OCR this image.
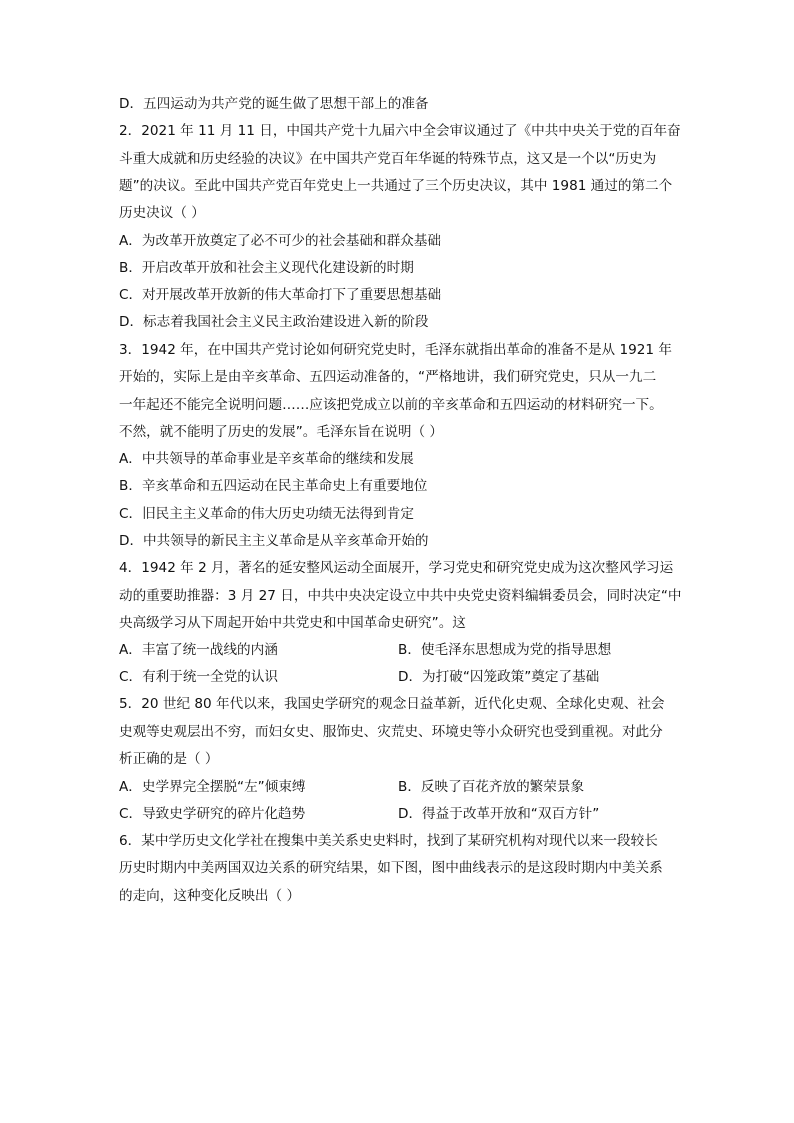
D．五四运动为共产党的诞生做了思想干部上的准备
2．2021 年 11 月 11 日，中国共产党十九届六中全会审议通过了《中共中央关于党的百年奋
斗重大成就和历史经验的决议》在中国共产党百年华诞的特殊节点，这又是一个以“历史为
题”的决议。至此中国共产党百年党史上一共通过了三个历史决议，其中 1981 通过的第二个
历史决议（ ）
A．为改革开放奠定了必不可少的社会基础和群众基础
B．开启改革开放和社会主义现代化建设新的时期
C．对开展改革开放新的伟大革命打下了重要思想基础
D．标志着我国社会主义民主政治建设进入新的阶段
3．1942 年，在中国共产党讨论如何研究党史时，毛泽东就指出革命的准备不是从 1921 年
开始的，实际上是由辛亥革命、五四运动准备的，“严格地讲，我们研究党史，只从一九二
一年起还不能完全说明问题……应该把党成立以前的辛亥革命和五四运动的材料研究一下。
不然，就不能明了历史的发展”。毛泽东旨在说明（ ）
A．中共领导的革命事业是辛亥革命的继续和发展
B．辛亥革命和五四运动在民主革命史上有重要地位
C．旧民主主义革命的伟大历史功绩无法得到肯定
D．中共领导的新民主主义革命是从辛亥革命开始的
4．1942 年 2 月，著名的延安整风运动全面展开，学习党史和研究党史成为这次整风学习运
动的重要助推器：3 月 27 日，中共中央决定设立中共中央党史资料编辑委员会，同时决定“中
央高级学习从下周起开始中共党史和中国革命史研究”。这
A．丰富了统一战线的内涵	B．使毛泽东思想成为党的指导思想
C．有利于统一全党的认识	D．为打破“囚笼政策”奠定了基础
5．20 世纪 80 年代以来，我国史学研究的观念日益革新，近代化史观、全球化史观、社会
史观等史观层出不穷，而妇女史、服饰史、灾荒史、环境史等小众研究也受到重视。对此分
析正确的是（ ）
A．史学界完全摆脱“左”倾束缚	B．反映了百花齐放的繁荣景象
C．导致史学研究的碎片化趋势	D．得益于改革开放和“双百方针”
6．某中学历史文化学社在搜集中美关系史史料时，找到了某研究机构对现代以来一段较长
历史时期内中美两国双边关系的研究结果，如下图，图中曲线表示的是这段时期内中美关系
的走向，这种变化反映出（ ）
